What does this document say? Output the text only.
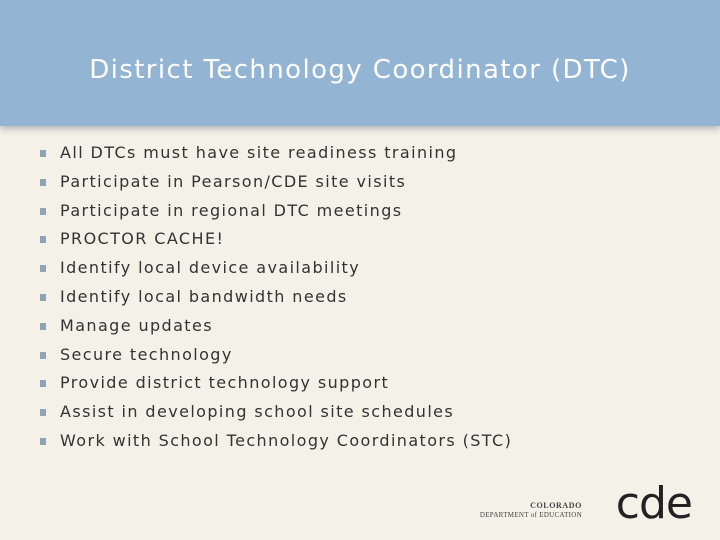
District Technology Coordinator (DTC)
All DTCs must have site readiness training
Participate in Pearson/CDE site visits
Participate in regional DTC meetings
PROCTOR CACHE!
Identify local device availability
Identify local bandwidth needs
Manage updates
Secure technology
Provide district technology support
Assist in developing school site schedules
Work with School Technology Coordinators (STC)
COLORADO
DEPARTMENT of EDUCATION cde
